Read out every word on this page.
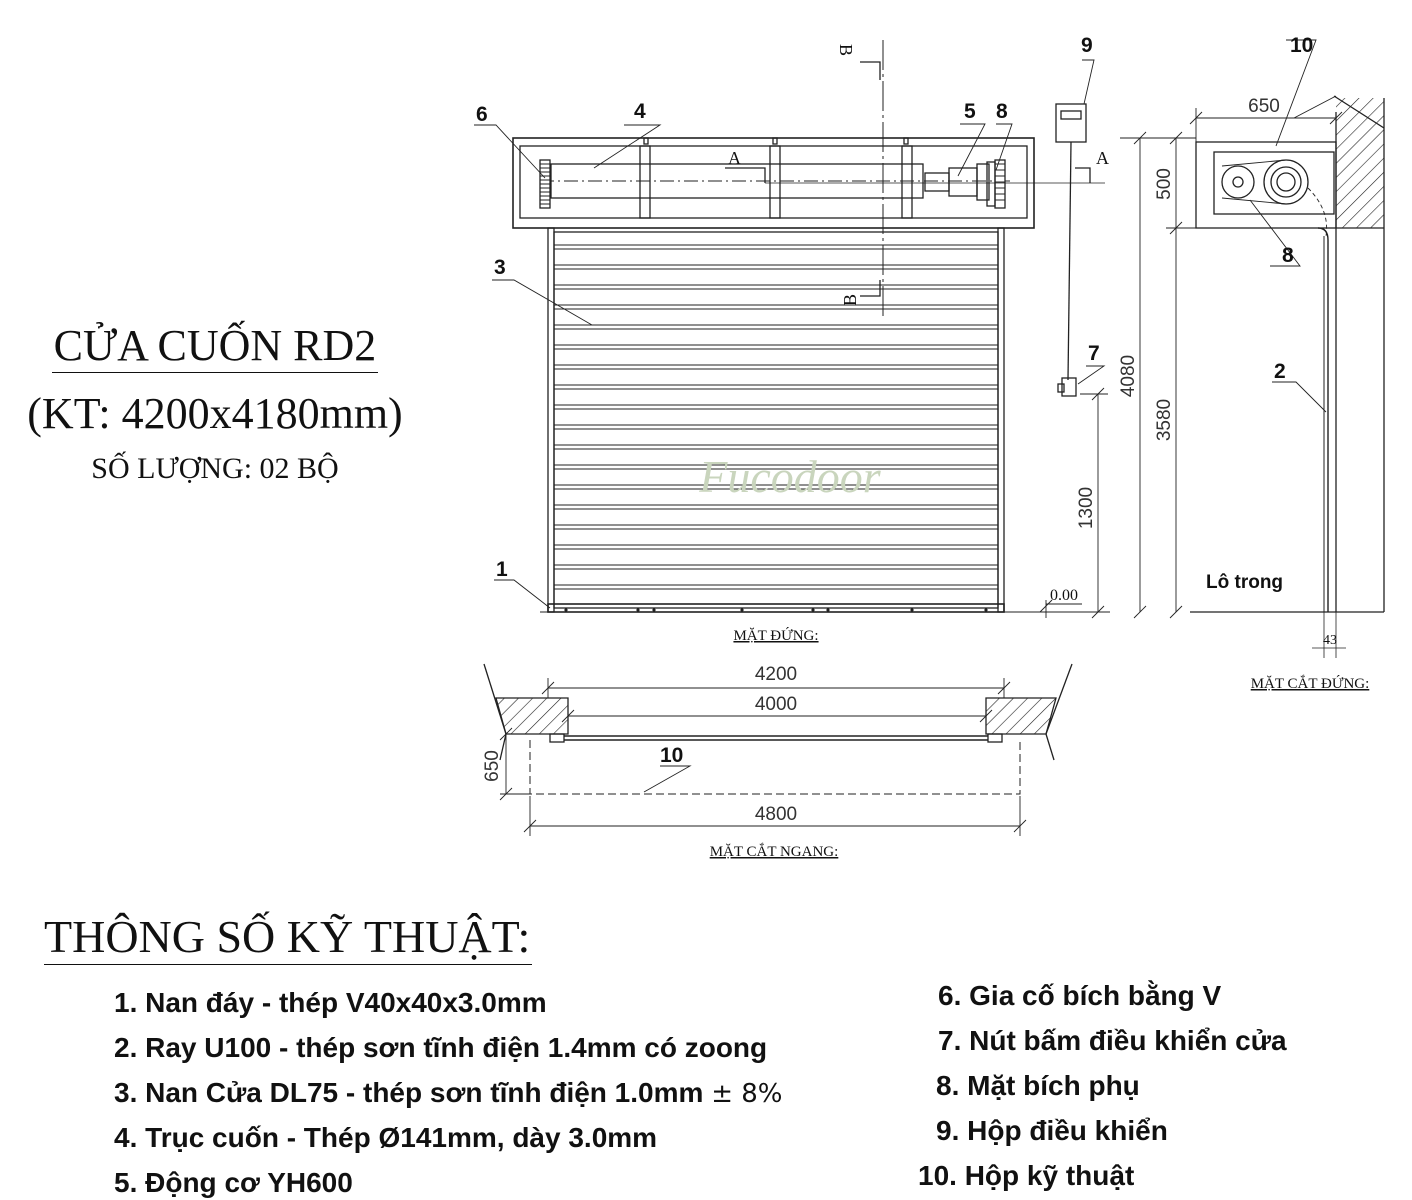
CỬA CUỐN RD2
(KT: 4200x4180mm)
SỐ LƯỢNG: 02 BỘ	Fucodoor
6	4	5 8
9	10
3
8
7
2
1
10
A	A
B
B
650
500
4080
3580
1300
4200
4000
4800
650
43
0.00
Lô trong
MẶT ĐỨNG:
MẶT CẮT NGANG:
MẶT CẮT ĐỨNG:
THÔNG SỐ KỸ THUẬT:
1. Nan đáy - thép V40x40x3.0mm
2. Ray U100 - thép sơn tĩnh điện 1.4mm có zoong
3. Nan Cửa DL75 - thép sơn tĩnh điện 1.0mm ± 8%
4. Trục cuốn - Thép Ø141mm, dày 3.0mm
5. Động cơ YH600
6. Gia cố bích bằng V
7. Nút bấm điều khiển cửa
8. Mặt bích phụ
9. Hộp điều khiển
10. Hộp kỹ thuật
